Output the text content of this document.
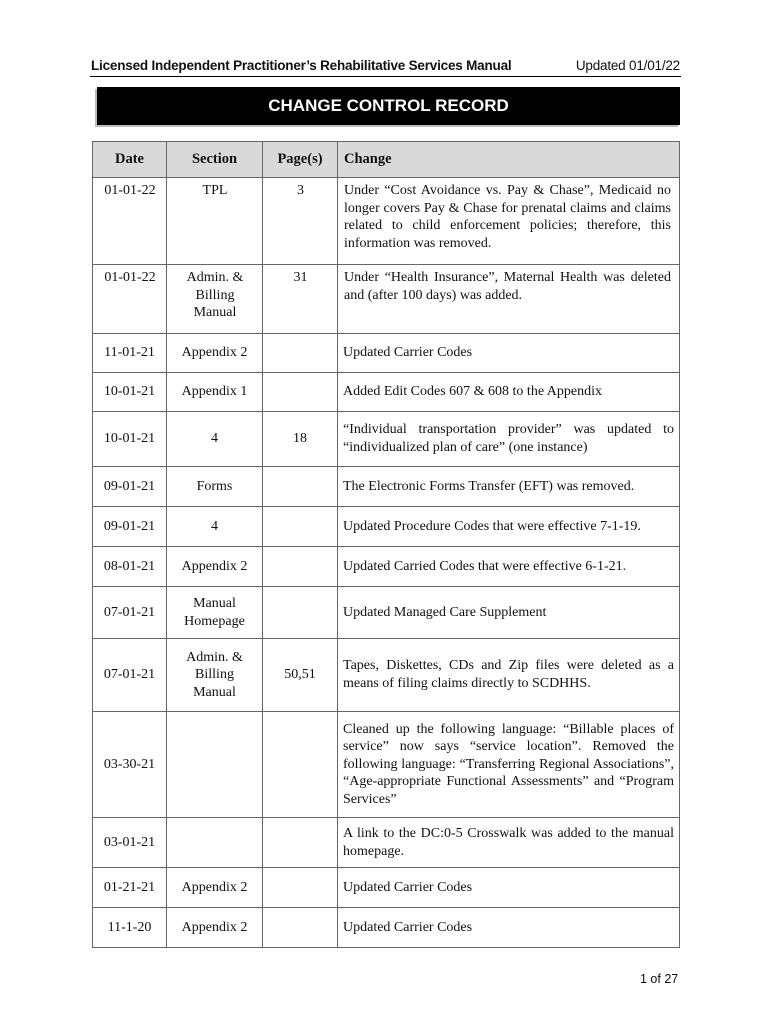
Licensed Independent Practitioner’s Rehabilitative Services Manual	Updated 01/01/22
CHANGE CONTROL RECORD
Date	Section	Page(s)	Change

01-01-22	TPL	3	Under “Cost Avoidance vs. Pay & Chase”, Medicaid no longer covers Pay & Chase for prenatal claims and claims related to child enforcement policies; therefore, this information was removed.

01-01-22	Admin. & Billing Manual	31	Under “Health Insurance”, Maternal Health was deleted and (after 100 days) was added.

11-01-21	Appendix 2		Updated Carrier Codes

10-01-21	Appendix 1		Added Edit Codes 607 & 608 to the Appendix

10-01-21	4	18	“Individual transportation provider” was updated to “individualized plan of care” (one instance)

09-01-21	Forms		The Electronic Forms Transfer (EFT) was removed.

09-01-21	4		Updated Procedure Codes that were effective 7-1-19.

08-01-21	Appendix 2		Updated Carried Codes that were effective 6-1-21.

07-01-21	Manual Homepage		Updated Managed Care Supplement

07-01-21	Admin. & Billing Manual	50,51	Tapes, Diskettes, CDs and Zip files were deleted as a means of filing claims directly to SCDHHS.

03-30-21			Cleaned up the following language: “Billable places of service” now says “service location”. Removed the following language: “Transferring Regional Associations”, “Age-appropriate Functional Assessments” and “Program Services”

03-01-21			A link to the DC:0-5 Crosswalk was added to the manual homepage.

01-21-21	Appendix 2		Updated Carrier Codes

11-1-20	Appendix 2		Updated Carrier Codes
1 of 27
